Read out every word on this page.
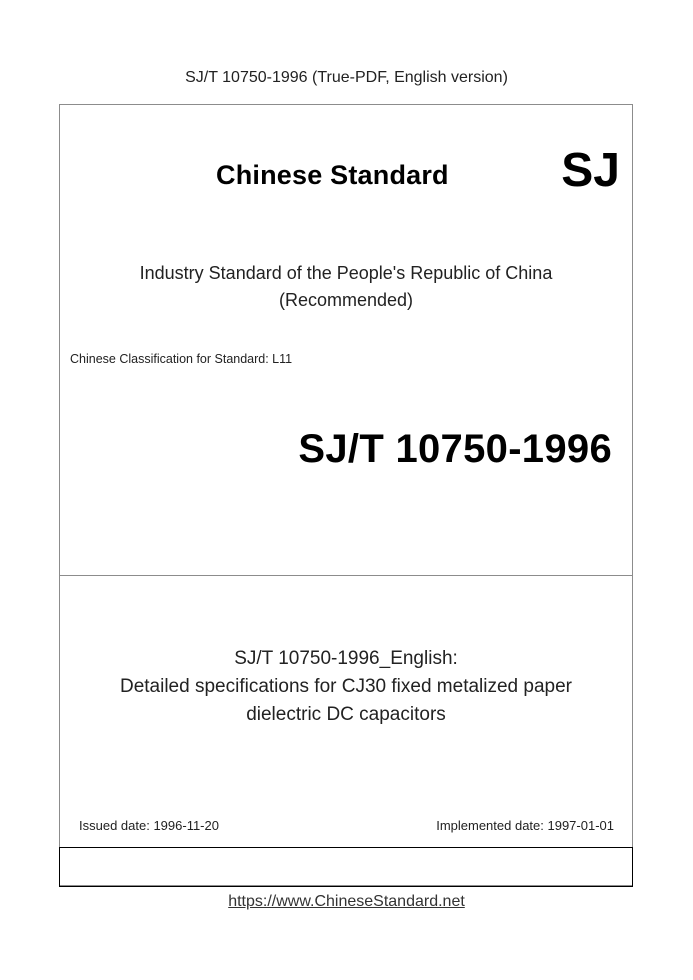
SJ/T 10750-1996 (True-PDF, English version)
Chinese Standard SJ
Industry Standard of the People's Republic of China
(Recommended)
Chinese Classification for Standard: L11
SJ/T 10750-1996
SJ/T 10750-1996_English:
Detailed specifications for CJ30 fixed metalized paper
dielectric DC capacitors
Issued date: 1996-11-20	Implemented date: 1997-01-01
https://www.ChineseStandard.net
